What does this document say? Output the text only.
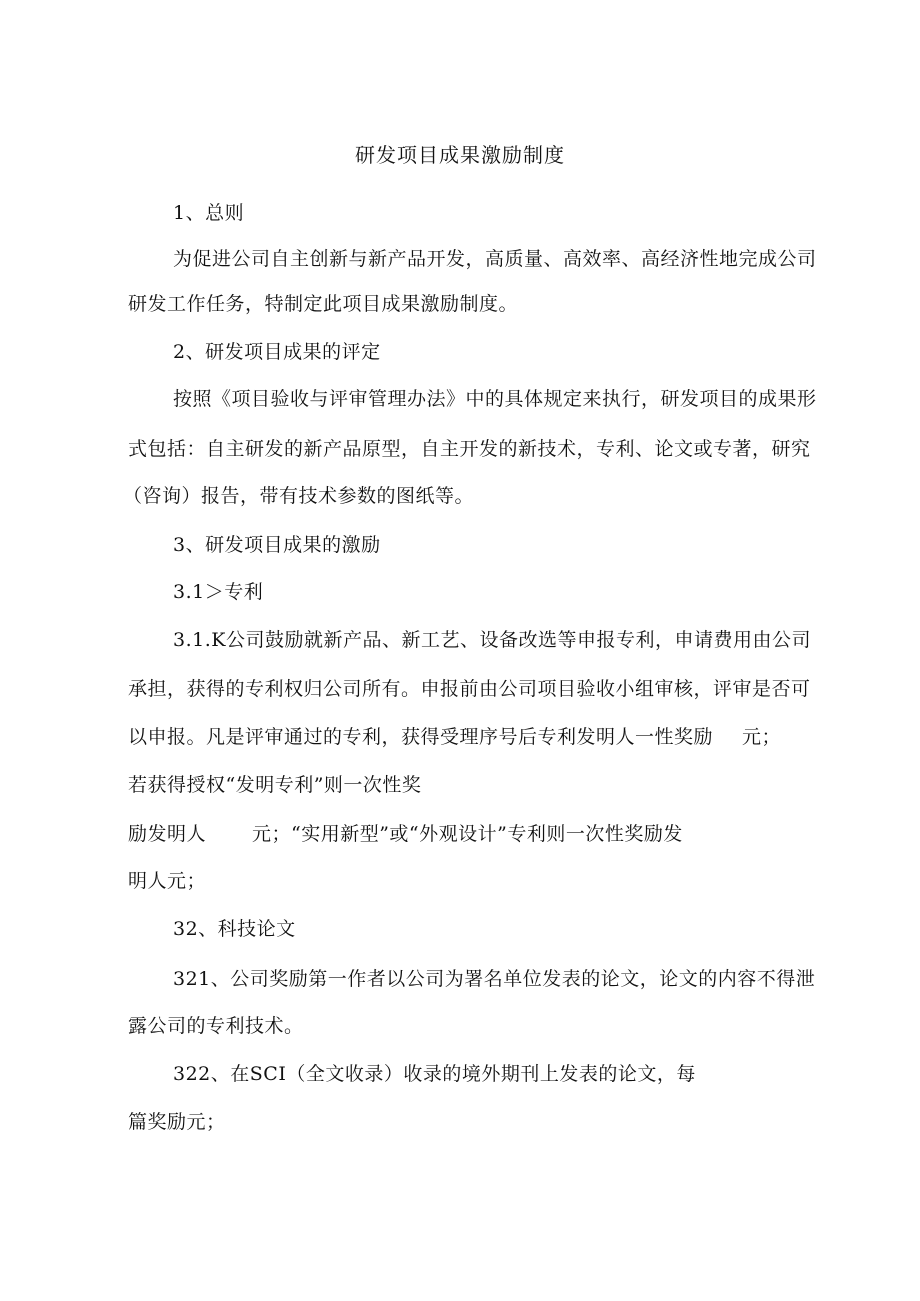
研发项目成果激励制度
1、总则
为促进公司自主创新与新产品开发，高质量、高效率、高经济性地完成公司
研发工作任务，特制定此项目成果激励制度。
2、研发项目成果的评定
按照《项目验收与评审管理办法》中的具体规定来执行，研发项目的成果形
式包括：自主研发的新产品原型，自主开发的新技术，专利、论文或专著，研究
（咨询）报告，带有技术参数的图纸等。
3、研发项目成果的激励
3.1＞专利
3.1.K公司鼓励就新产品、新工艺、设备改选等申报专利，申请费用由公司
承担，获得的专利权归公司所有。申报前由公司项目验收小组审核，评审是否可
以申报。凡是评审通过的专利，获得受理序号后专利发明人一性奖励 元；
若获得授权“发明专利”则一次性奖
励发明人 元；“实用新型”或“外观设计”专利则一次性奖励发
明人元；
32、科技论文
321、公司奖励第一作者以公司为署名单位发表的论文，论文的内容不得泄
露公司的专利技术。
322、在SCI（全文收录）收录的境外期刊上发表的论文，每
篇奖励元；
